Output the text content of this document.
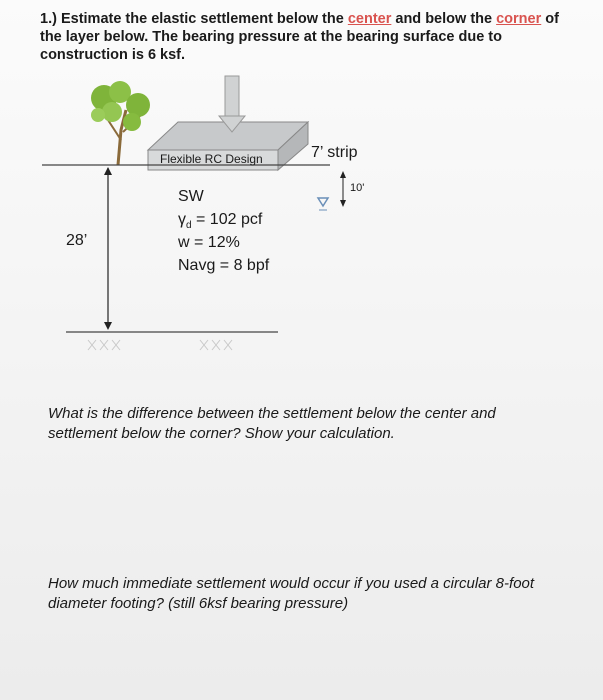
1.) Estimate the elastic settlement below the center and below the corner of the layer below. The bearing pressure at the bearing surface due to construction is 6 ksf.
Flexible RC Design	7’ strip
10'
28’
SW
$\gamma_d = 102$ pcf
w = 12%
Navg = 8 bpf
What is the difference between the settlement below the center and settlement below the corner? Show your calculation.
How much immediate settlement would occur if you used a circular 8-foot diameter footing? (still 6ksf bearing pressure)
